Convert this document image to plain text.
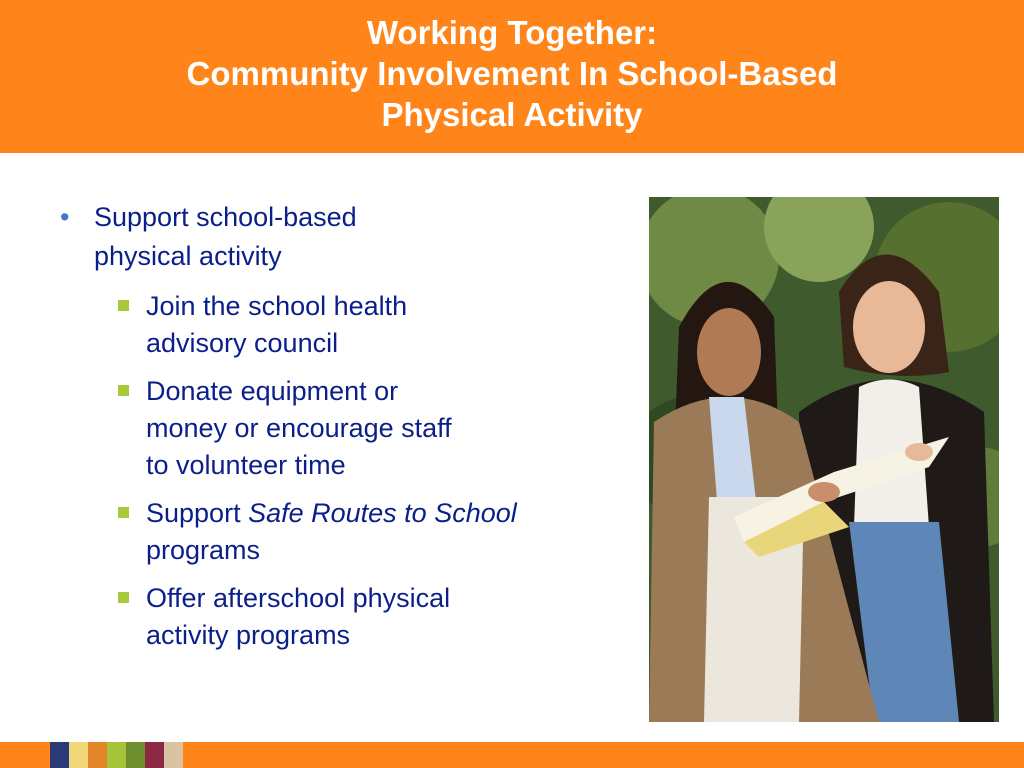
Working Together:
Community Involvement In School-Based
Physical Activity
• Support school-based
physical activity
Join the school health
advisory council
Donate equipment or
money or encourage staff
to volunteer time
Support Safe Routes to School programs
Offer afterschool physical
activity programs
